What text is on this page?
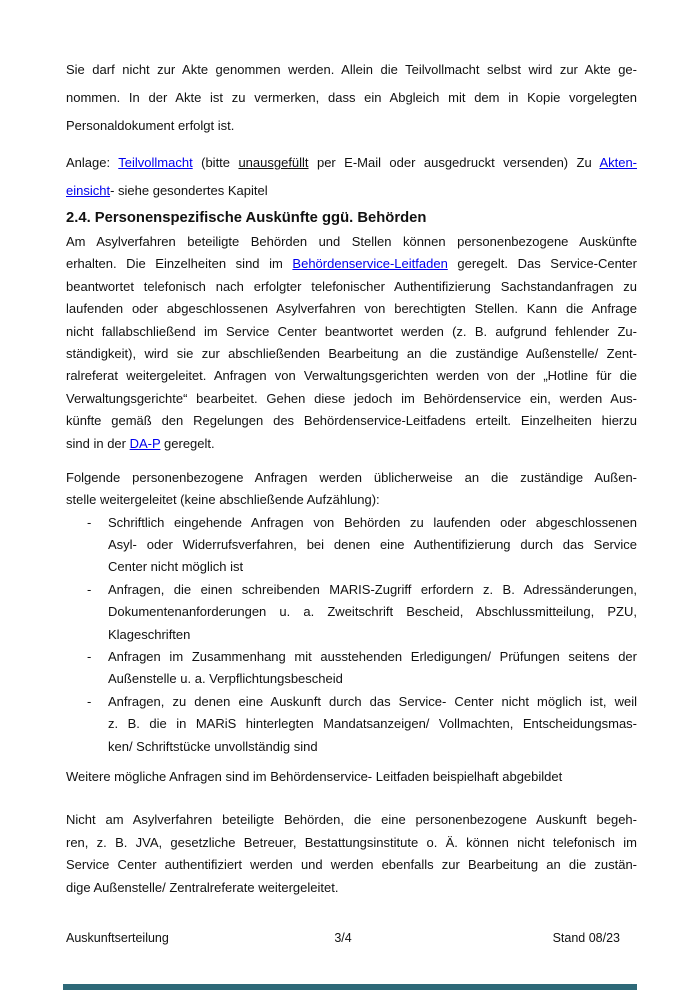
Sie darf nicht zur Akte genommen werden. Allein die Teilvollmacht selbst wird zur Akte ge-
nommen. In der Akte ist zu vermerken, dass ein Abgleich mit dem in Kopie vorgelegten
Personaldokument erfolgt ist.
Anlage: Teilvollmacht (bitte unausgefüllt per E-Mail oder ausgedruckt versenden) Zu Akten-
einsicht- siehe gesondertes Kapitel
2.4. Personenspezifische Auskünfte ggü. Behörden
Am Asylverfahren beteiligte Behörden und Stellen können personenbezogene Auskünfte
erhalten. Die Einzelheiten sind im Behördenservice-Leitfaden geregelt. Das Service-Center
beantwortet telefonisch nach erfolgter telefonischer Authentifizierung Sachstandanfragen zu
laufenden oder abgeschlossenen Asylverfahren von berechtigten Stellen. Kann die Anfrage
nicht fallabschließend im Service Center beantwortet werden (z. B. aufgrund fehlender Zu-
ständigkeit), wird sie zur abschließenden Bearbeitung an die zuständige Außenstelle/ Zent-
ralreferat weitergeleitet. Anfragen von Verwaltungsgerichten werden von der „Hotline für die
Verwaltungsgerichte“ bearbeitet. Gehen diese jedoch im Behördenservice ein, werden Aus-
künfte gemäß den Regelungen des Behördenservice-Leitfadens erteilt. Einzelheiten hierzu
sind in der DA-P geregelt.
Folgende personenbezogene Anfragen werden üblicherweise an die zuständige Außen-
stelle weitergeleitet (keine abschließende Aufzählung):
- Schriftlich eingehende Anfragen von Behörden zu laufenden oder abgeschlossenen
Asyl- oder Widerrufsverfahren, bei denen eine Authentifizierung durch das Service
Center nicht möglich ist
- Anfragen, die einen schreibenden MARIS-Zugriff erfordern z. B. Adressänderungen,
Dokumentenanforderungen u. a. Zweitschrift Bescheid, Abschlussmitteilung, PZU,
Klageschriften
- Anfragen im Zusammenhang mit ausstehenden Erledigungen/ Prüfungen seitens der
Außenstelle u. a. Verpflichtungsbescheid
- Anfragen, zu denen eine Auskunft durch das Service- Center nicht möglich ist, weil
z. B. die in MARiS hinterlegten Mandatsanzeigen/ Vollmachten, Entscheidungsmas-
ken/ Schriftstücke unvollständig sind
Weitere mögliche Anfragen sind im Behördenservice- Leitfaden beispielhaft abgebildet
Nicht am Asylverfahren beteiligte Behörden, die eine personenbezogene Auskunft begeh-
ren, z. B. JVA, gesetzliche Betreuer, Bestattungsinstitute o. Ä. können nicht telefonisch im
Service Center authentifiziert werden und werden ebenfalls zur Bearbeitung an die zustän-
dige Außenstelle/ Zentralreferate weitergeleitet.
Auskunftserteilung	3/4	Stand 08/23
